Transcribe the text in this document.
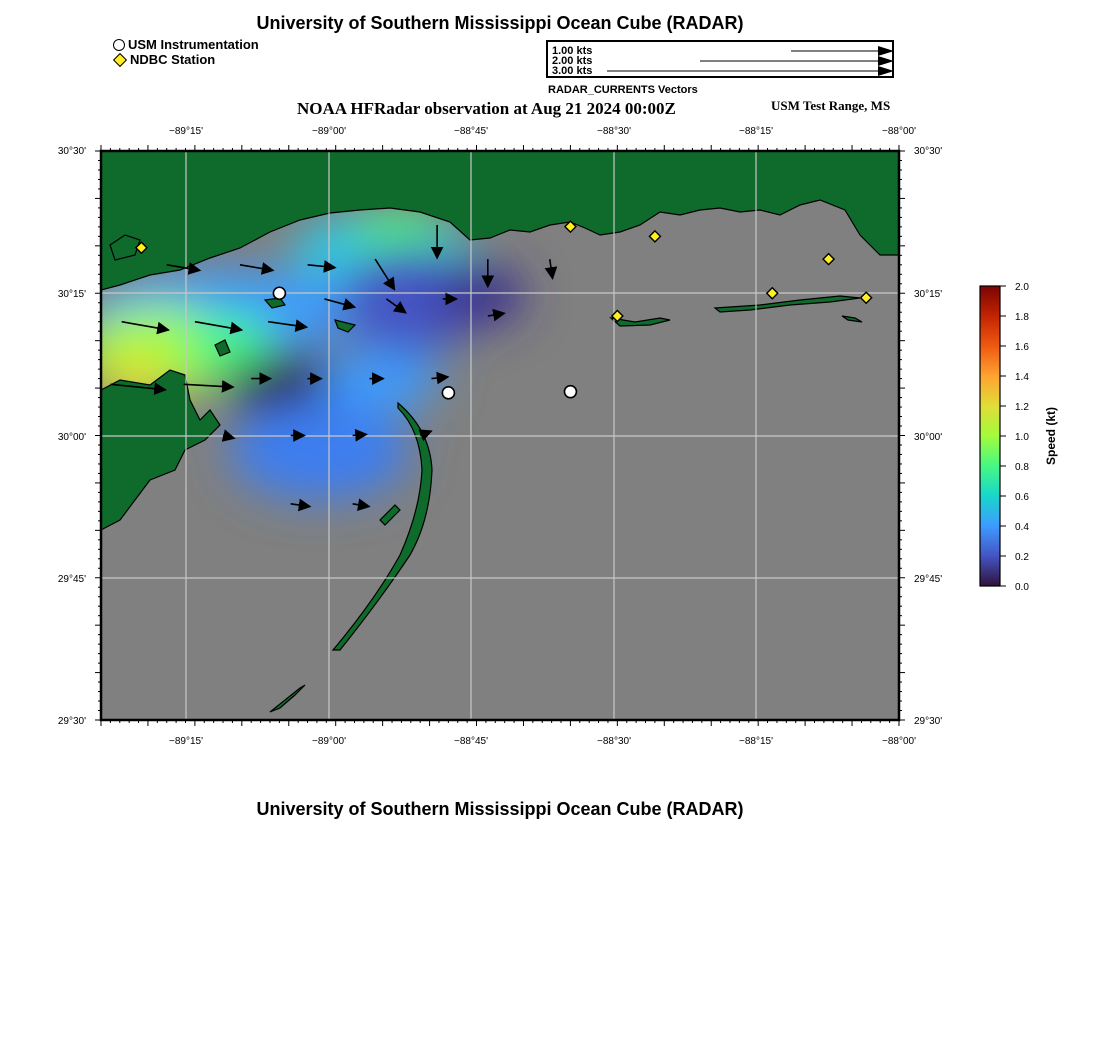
University of Southern Mississippi Ocean Cube (RADAR)
USM Instrumentation
NDBC Station
1.00 kts
2.00 kts
3.00 kts
RADAR_CURRENTS Vectors
NOAA HFRadar observation at Aug 21 2024 00:00Z	USM Test Range, MS
−89°15'	−89°00'	−88°45'	−88°30'	−88°15'	−88°00'
−89°15'	−89°00'	−88°45'	−88°30'	−88°15'	−88°00'
30°30'
30°15'
30°00'
29°45'
29°30'
30°30'
30°15'
30°00'
29°45'
29°30'
2.0
1.8
1.6
1.4
1.2
1.0
0.8
0.6
0.4
0.2
0.0
Speed (kt)
University of Southern Mississippi Ocean Cube (RADAR)
